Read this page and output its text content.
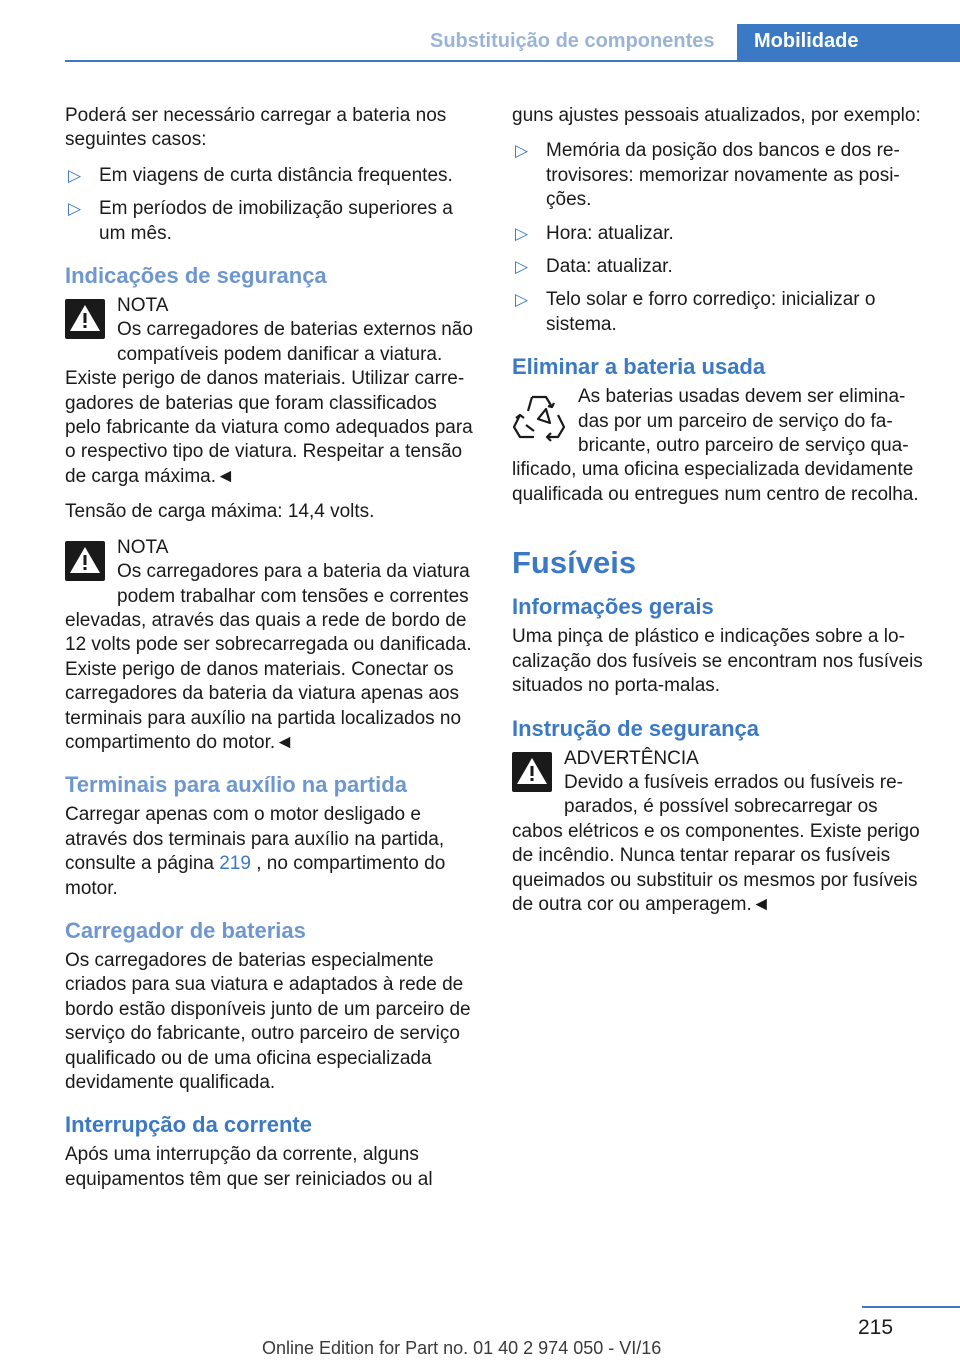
Substituição de componentes	Mobilidade

Poderá ser necessário carregar a bateria nos seguintes casos:

▷ Em viagens de curta distância frequentes.
▷ Em períodos de imobilização superiores a um mês.
Indicações de segurança
NOTA
Os carregadores de baterias externos não compatíveis podem danificar a viatura. Existe perigo de danos materiais. Utilizar carregadores de baterias que foram classificados pelo fabricante da viatura como adequados para o respectivo tipo de viatura. Respeitar a tensão de carga máxima.◄

Tensão de carga máxima: 14,4 volts.

NOTA
Os carregadores para a bateria da viatura podem trabalhar com tensões e correntes elevadas, através das quais a rede de bordo de 12 volts pode ser sobrecarregada ou danificada. Existe perigo de danos materiais. Conectar os carregadores da bateria da viatura apenas aos terminais para auxílio na partida localizados no compartimento do motor.◄
Terminais para auxílio na partida

Carregar apenas com o motor desligado e através dos terminais para auxílio na partida, consulte a página 219 , no compartimento do motor.

Carregador de baterias

Os carregadores de baterias especialmente criados para sua viatura e adaptados à rede de bordo estão disponíveis junto de um parceiro de serviço do fabricante, outro parceiro de serviço qualificado ou de uma oficina especializada devidamente qualificada.

Interrupção da corrente

Após uma interrupção da corrente, alguns equipamentos têm que ser reiniciados ou al

guns ajustes pessoais atualizados, por exemplo:

▷ Memória da posição dos bancos e dos retrovisores: memorizar novamente as posições.
▷ Hora: atualizar.
▷ Data: atualizar.
▷ Telo solar e forro corrediço: inicializar o sistema.
Eliminar a bateria usada
As baterias usadas devem ser eliminadas por um parceiro de serviço do fabricante, outro parceiro de serviço qualificado, uma oficina especializada devidamente qualificada ou entregues num centro de recolha.
Fusíveis
Informações gerais

Uma pinça de plástico e indicações sobre a localização dos fusíveis se encontram nos fusíveis situados no porta-malas.

Instrução de segurança
ADVERTÊNCIA
Devido a fusíveis errados ou fusíveis reparados, é possível sobrecarregar os cabos elétricos e os componentes. Existe perigo de incêndio. Nunca tentar reparar os fusíveis queimados ou substituir os mesmos por fusíveis de outra cor ou amperagem.◄
215
Online Edition for Part no. 01 40 2 974 050 - VI/16
